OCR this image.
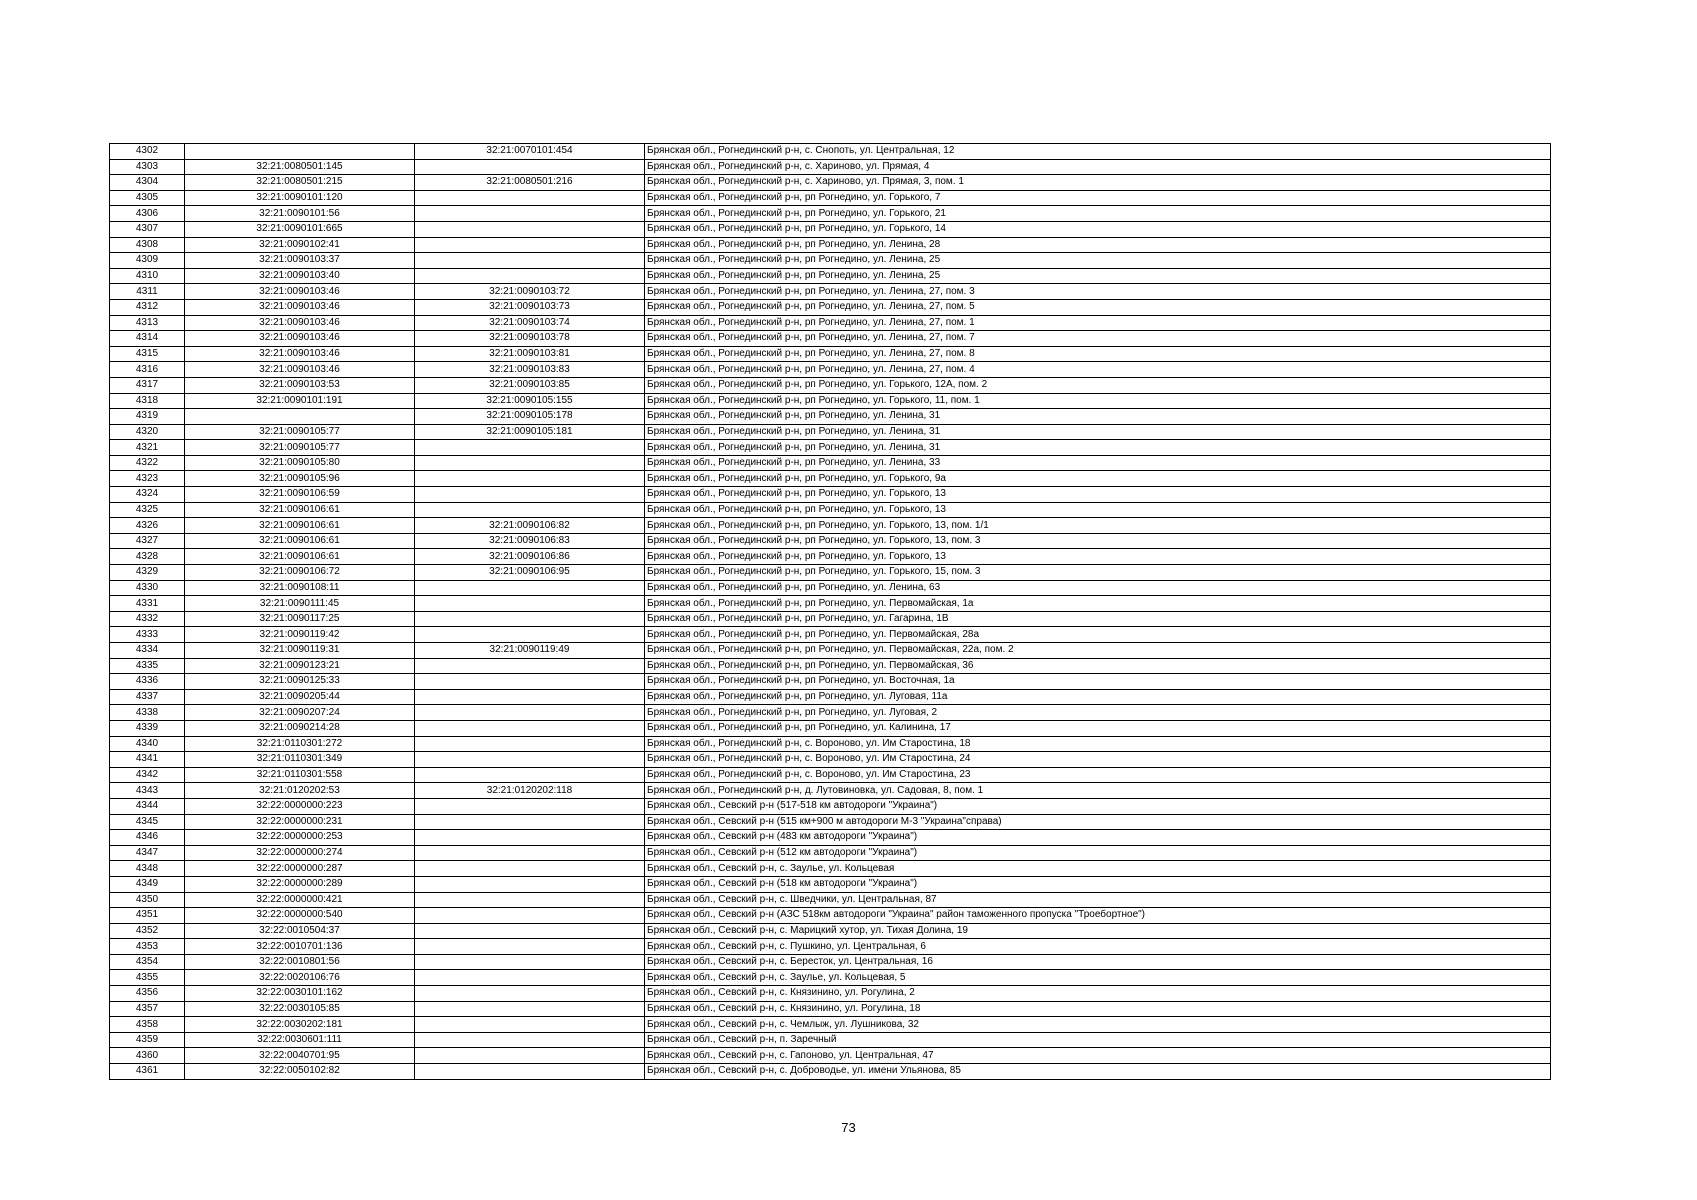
4302		32:21:0070101:454	Брянская обл., Рогнединский р-н, с. Снопоть, ул. Центральная, 12
4303	32:21:0080501:145		Брянская обл., Рогнединский р-н, с. Хариново, ул. Прямая, 4
4304	32:21:0080501:215	32:21:0080501:216	Брянская обл., Рогнединский р-н, с. Хариново, ул. Прямая, 3, пом. 1
4305	32:21:0090101:120		Брянская обл., Рогнединский р-н, рп Рогнедино, ул. Горького, 7
4306	32:21:0090101:56		Брянская обл., Рогнединский р-н, рп Рогнедино, ул. Горького, 21
4307	32:21:0090101:665		Брянская обл., Рогнединский р-н, рп Рогнедино, ул. Горького, 14
4308	32:21:0090102:41		Брянская обл., Рогнединский р-н, рп Рогнедино, ул. Ленина, 28
4309	32:21:0090103:37		Брянская обл., Рогнединский р-н, рп Рогнедино, ул. Ленина, 25
4310	32:21:0090103:40		Брянская обл., Рогнединский р-н, рп Рогнедино, ул. Ленина, 25
4311	32:21:0090103:46	32:21:0090103:72	Брянская обл., Рогнединский р-н, рп Рогнедино, ул. Ленина, 27, пом. 3
4312	32:21:0090103:46	32:21:0090103:73	Брянская обл., Рогнединский р-н, рп Рогнедино, ул. Ленина, 27, пом. 5
4313	32:21:0090103:46	32:21:0090103:74	Брянская обл., Рогнединский р-н, рп Рогнедино, ул. Ленина, 27, пом. 1
4314	32:21:0090103:46	32:21:0090103:78	Брянская обл., Рогнединский р-н, рп Рогнедино, ул. Ленина, 27, пом. 7
4315	32:21:0090103:46	32:21:0090103:81	Брянская обл., Рогнединский р-н, рп Рогнедино, ул. Ленина, 27, пом. 8
4316	32:21:0090103:46	32:21:0090103:83	Брянская обл., Рогнединский р-н, рп Рогнедино, ул. Ленина, 27, пом. 4
4317	32:21:0090103:53	32:21:0090103:85	Брянская обл., Рогнединский р-н, рп Рогнедино, ул. Горького, 12А, пом. 2
4318	32:21:0090101:191	32:21:0090105:155	Брянская обл., Рогнединский р-н, рп Рогнедино, ул. Горького, 11, пом. 1
4319		32:21:0090105:178	Брянская обл., Рогнединский р-н, рп Рогнедино, ул. Ленина, 31
4320	32:21:0090105:77	32:21:0090105:181	Брянская обл., Рогнединский р-н, рп Рогнедино, ул. Ленина, 31
4321	32:21:0090105:77		Брянская обл., Рогнединский р-н, рп Рогнедино, ул. Ленина, 31
4322	32:21:0090105:80		Брянская обл., Рогнединский р-н, рп Рогнедино, ул. Ленина, 33
4323	32:21:0090105:96		Брянская обл., Рогнединский р-н, рп Рогнедино, ул. Горького, 9а
4324	32:21:0090106:59		Брянская обл., Рогнединский р-н, рп Рогнедино, ул. Горького, 13
4325	32:21:0090106:61		Брянская обл., Рогнединский р-н, рп Рогнедино, ул. Горького, 13
4326	32:21:0090106:61	32:21:0090106:82	Брянская обл., Рогнединский р-н, рп Рогнедино, ул. Горького, 13, пом. 1/1
4327	32:21:0090106:61	32:21:0090106:83	Брянская обл., Рогнединский р-н, рп Рогнедино, ул. Горького, 13, пом. 3
4328	32:21:0090106:61	32:21:0090106:86	Брянская обл., Рогнединский р-н, рп Рогнедино, ул. Горького, 13
4329	32:21:0090106:72	32:21:0090106:95	Брянская обл., Рогнединский р-н, рп Рогнедино, ул. Горького, 15, пом. 3
4330	32:21:0090108:11		Брянская обл., Рогнединский р-н, рп Рогнедино, ул. Ленина, 63
4331	32:21:0090111:45		Брянская обл., Рогнединский р-н, рп Рогнедино, ул. Первомайская, 1а
4332	32:21:0090117:25		Брянская обл., Рогнединский р-н, рп Рогнедино, ул. Гагарина, 1В
4333	32:21:0090119:42		Брянская обл., Рогнединский р-н, рп Рогнедино, ул. Первомайская, 28а
4334	32:21:0090119:31	32:21:0090119:49	Брянская обл., Рогнединский р-н, рп Рогнедино, ул. Первомайская, 22а, пом. 2
4335	32:21:0090123:21		Брянская обл., Рогнединский р-н, рп Рогнедино, ул. Первомайская, 36
4336	32:21:0090125:33		Брянская обл., Рогнединский р-н, рп Рогнедино, ул. Восточная, 1а
4337	32:21:0090205:44		Брянская обл., Рогнединский р-н, рп Рогнедино, ул. Луговая, 11а
4338	32:21:0090207:24		Брянская обл., Рогнединский р-н, рп Рогнедино, ул. Луговая, 2
4339	32:21:0090214:28		Брянская обл., Рогнединский р-н, рп Рогнедино, ул. Калинина, 17
4340	32:21:0110301:272		Брянская обл., Рогнединский р-н, с. Вороново, ул. Им Старостина, 18
4341	32:21:0110301:349		Брянская обл., Рогнединский р-н, с. Вороново, ул. Им Старостина, 24
4342	32:21:0110301:558		Брянская обл., Рогнединский р-н, с. Вороново, ул. Им Старостина, 23
4343	32:21:0120202:53	32:21:0120202:118	Брянская обл., Рогнединский р-н, д. Лутовиновка, ул. Садовая, 8, пом. 1
4344	32:22:0000000:223		Брянская обл., Севский р-н (517-518 км автодороги "Украина")
4345	32:22:0000000:231		Брянская обл., Севский р-н (515 км+900 м автодороги М-3 "Украина"справа)
4346	32:22:0000000:253		Брянская обл., Севский р-н (483 км автодороги "Украина")
4347	32:22:0000000:274		Брянская обл., Севский р-н (512 км автодороги "Украина")
4348	32:22:0000000:287		Брянская обл., Севский р-н, с. Заулье, ул. Кольцевая
4349	32:22:0000000:289		Брянская обл., Севский р-н (518 км автодороги "Украина")
4350	32:22:0000000:421		Брянская обл., Севский р-н, с. Шведчики, ул. Центральная, 87
4351	32:22:0000000:540		Брянская обл., Севский р-н (АЗС 518км автодороги "Украина" район таможенного пропуска "Троебортное")
4352	32:22:0010504:37		Брянская обл., Севский р-н, с. Марицкий хутор, ул. Тихая Долина, 19
4353	32:22:0010701:136		Брянская обл., Севский р-н, с. Пушкино, ул. Центральная, 6
4354	32:22:0010801:56		Брянская обл., Севский р-н, с. Бересток, ул. Центральная, 16
4355	32:22:0020106:76		Брянская обл., Севский р-н, с. Заулье, ул. Кольцевая, 5
4356	32:22:0030101:162		Брянская обл., Севский р-н, с. Князинино, ул. Рогулина, 2
4357	32:22:0030105:85		Брянская обл., Севский р-н, с. Князинино, ул. Рогулина, 18
4358	32:22:0030202:181		Брянская обл., Севский р-н, с. Чемлыж, ул. Лушникова, 32
4359	32:22:0030601:111		Брянская обл., Севский р-н, п. Заречный
4360	32:22:0040701:95		Брянская обл., Севский р-н, с. Гапоново, ул. Центральная, 47
4361	32:22:0050102:82		Брянская обл., Севский р-н, с. Доброводье, ул. имени Ульянова, 85
73
